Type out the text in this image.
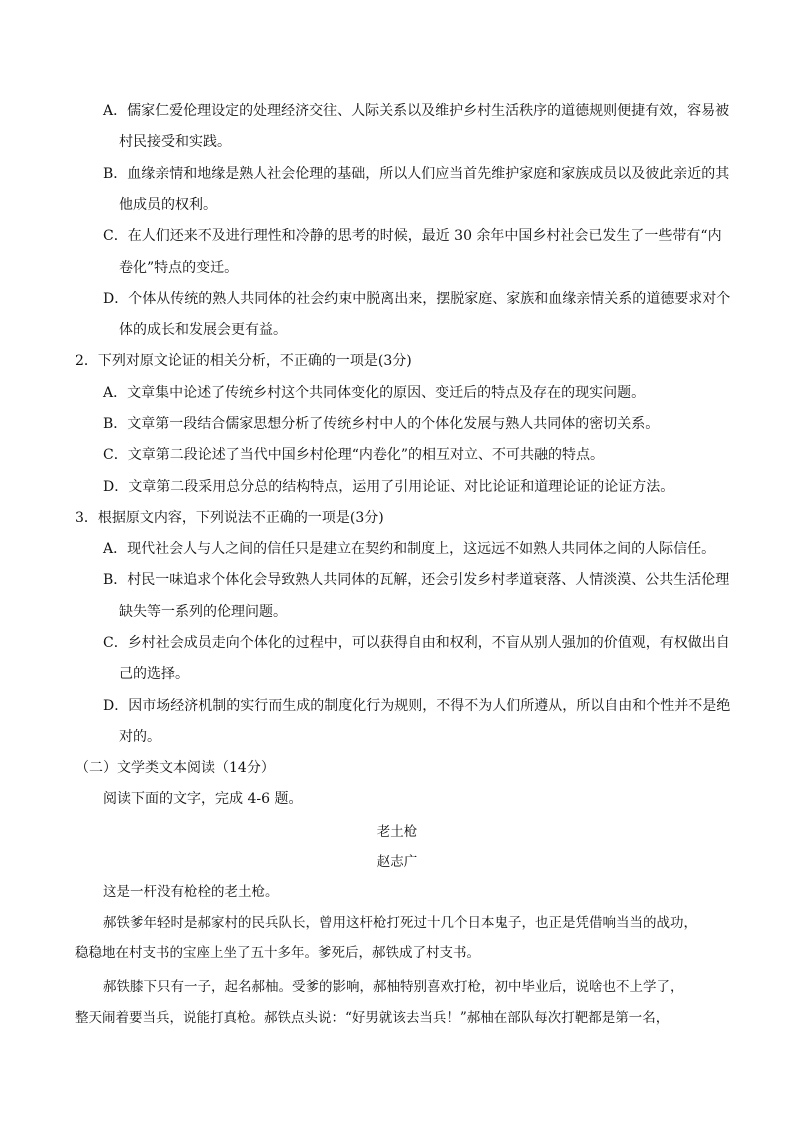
A．儒家仁爱伦理设定的处理经济交往、人际关系以及维护乡村生活秩序的道德规则便捷有效，容易被
村民接受和实践。
B．血缘亲情和地缘是熟人社会伦理的基础，所以人们应当首先维护家庭和家族成员以及彼此亲近的其
他成员的权利。
C．在人们还来不及进行理性和冷静的思考的时候，最近 30 余年中国乡村社会已发生了一些带有“内
卷化”特点的变迁。
D．个体从传统的熟人共同体的社会约束中脱离出来，摆脱家庭、家族和血缘亲情关系的道德要求对个
体的成长和发展会更有益。
2．下列对原文论证的相关分析，不正确的一项是(3分)
A．文章集中论述了传统乡村这个共同体变化的原因、变迁后的特点及存在的现实问题。
B．文章第一段结合儒家思想分析了传统乡村中人的个体化发展与熟人共同体的密切关系。
C．文章第二段论述了当代中国乡村伦理“内卷化”的相互对立、不可共融的特点。
D．文章第二段采用总分总的结构特点，运用了引用论证、对比论证和道理论证的论证方法。
3．根据原文内容，下列说法不正确的一项是(3分)
A．现代社会人与人之间的信任只是建立在契约和制度上，这远远不如熟人共同体之间的人际信任。
B．村民一味追求个体化会导致熟人共同体的瓦解，还会引发乡村孝道衰落、人情淡漠、公共生活伦理
缺失等一系列的伦理问题。
C．乡村社会成员走向个体化的过程中，可以获得自由和权利，不盲从别人强加的价值观，有权做出自
己的选择。
D．因市场经济机制的实行而生成的制度化行为规则，不得不为人们所遵从，所以自由和个性并不是绝
对的。
（二）文学类文本阅读（14分）
阅读下面的文字，完成 4-6 题。
老土枪
赵志广
这是一杆没有枪栓的老土枪。
郝铁爹年轻时是郝家村的民兵队长，曾用这杆枪打死过十几个日本鬼子，也正是凭借响当当的战功，
稳稳地在村支书的宝座上坐了五十多年。爹死后，郝铁成了村支书。
郝铁膝下只有一子，起名郝柚。受爹的影响，郝柚特别喜欢打枪，初中毕业后，说啥也不上学了，
整天闹着要当兵，说能打真枪。郝铁点头说：“好男就该去当兵！”郝柚在部队每次打靶都是第一名，
